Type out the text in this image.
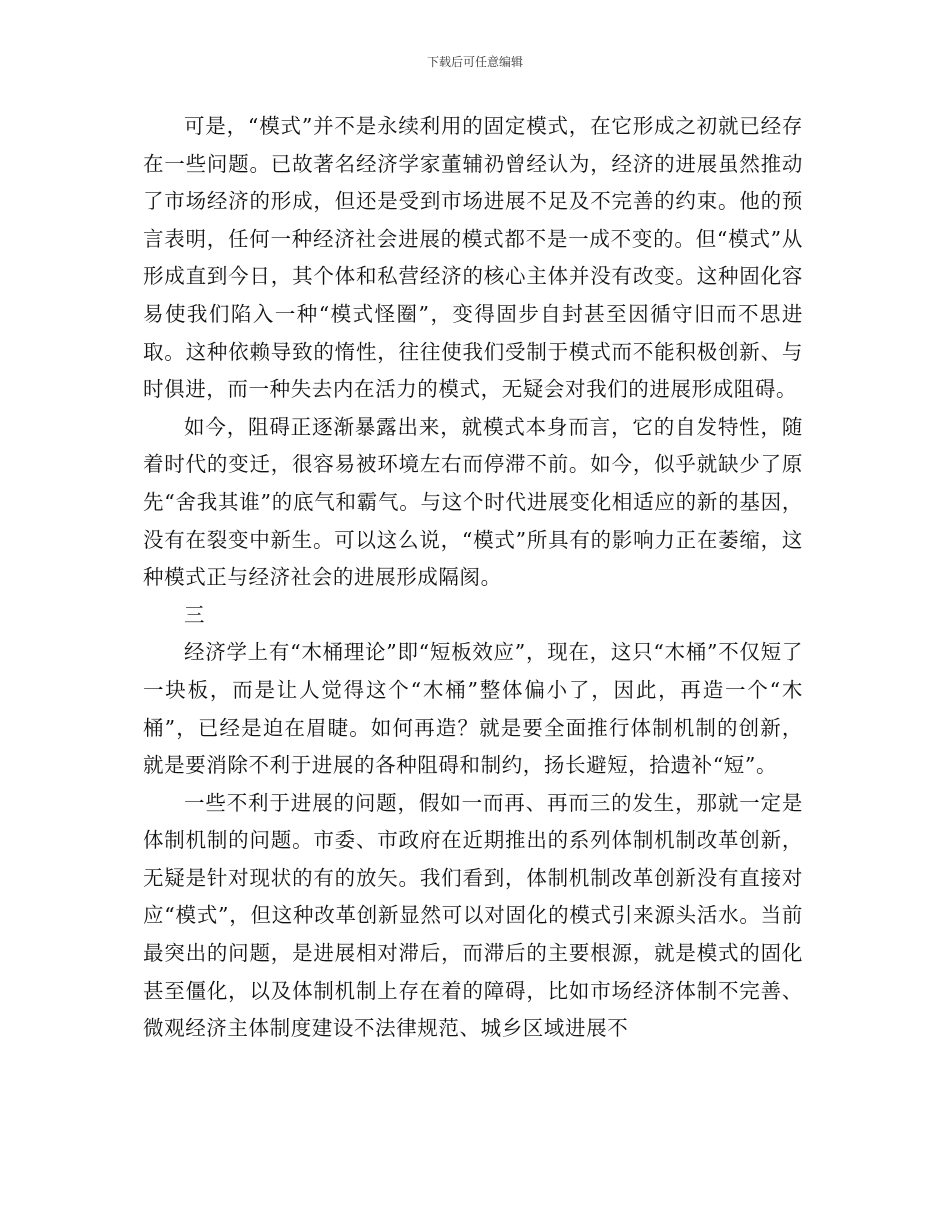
下载后可任意编辑

可是，“模式”并不是永续利用的固定模式，在它形成之初就已经存在一些问题。已故著名经济学家董辅礽曾经认为，经济的进展虽然推动了市场经济的形成，但还是受到市场进展不足及不完善的约束。他的预言表明，任何一种经济社会进展的模式都不是一成不变的。但“模式”从形成直到今日，其个体和私营经济的核心主体并没有改变。这种固化容易使我们陷入一种“模式怪圈”，变得固步自封甚至因循守旧而不思进取。这种依赖导致的惰性，往往使我们受制于模式而不能积极创新、与时俱进，而一种失去内在活力的模式，无疑会对我们的进展形成阻碍。

如今，阻碍正逐渐暴露出来，就模式本身而言，它的自发特性，随着时代的变迁，很容易被环境左右而停滞不前。如今，似乎就缺少了原先“舍我其谁”的底气和霸气。与这个时代进展变化相适应的新的基因，没有在裂变中新生。可以这么说，“模式”所具有的影响力正在萎缩，这种模式正与经济社会的进展形成隔阂。

三

经济学上有“木桶理论”即“短板效应”，现在，这只“木桶”不仅短了一块板，而是让人觉得这个“木桶”整体偏小了，因此，再造一个“木桶”，已经是迫在眉睫。如何再造？就是要全面推行体制机制的创新，就是要消除不利于进展的各种阻碍和制约，扬长避短，拾遗补“短”。

一些不利于进展的问题，假如一而再、再而三的发生，那就一定是体制机制的问题。市委、市政府在近期推出的系列体制机制改革创新，无疑是针对现状的有的放矢。我们看到，体制机制改革创新没有直接对应“模式”，但这种改革创新显然可以对固化的模式引来源头活水。当前最突出的问题，是进展相对滞后，而滞后的主要根源，就是模式的固化甚至僵化，以及体制机制上存在着的障碍，比如市场经济体制不完善、微观经济主体制度建设不法律规范、城乡区域进展不
